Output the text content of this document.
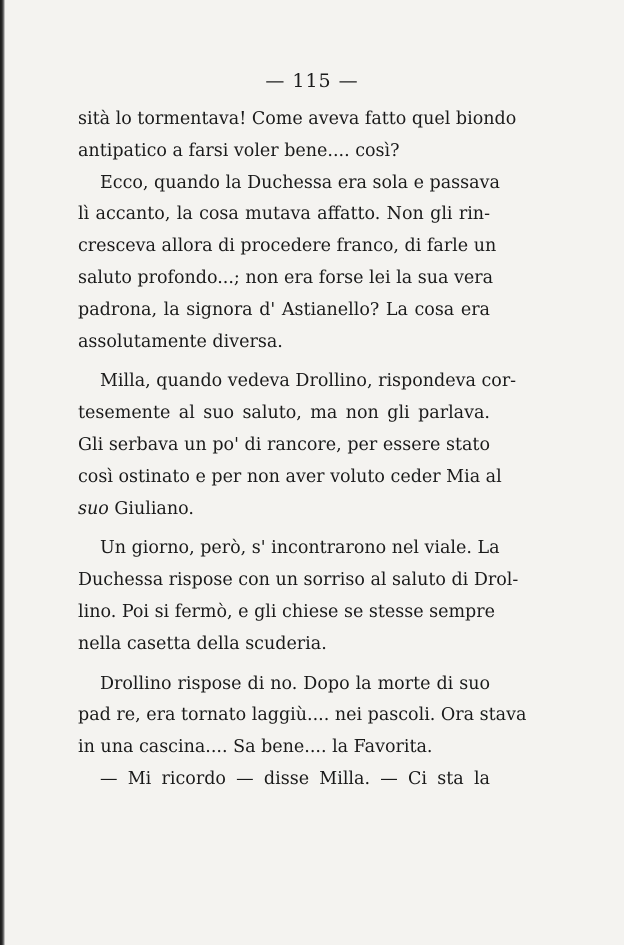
— 115 —

sità lo tormentava! Come aveva fatto quel biondo

antipatico a farsi voler bene.... così?

Ecco, quando la Duchessa era sola e passava

lì accanto, la cosa mutava affatto. Non gli rin-

cresceva allora di procedere franco, di farle un

saluto profondo...; non era forse lei la sua vera

padrona, la signora d' Astianello? La cosa era

assolutamente diversa.

Milla, quando vedeva Drollino, rispondeva cor-

tesemente al suo saluto, ma non gli parlava.

Gli serbava un po' di rancore, per essere stato

così ostinato e per non aver voluto ceder Mia al

suo Giuliano.

Un giorno, però, s' incontrarono nel viale. La

Duchessa rispose con un sorriso al saluto di Drol-

lino. Poi si fermò, e gli chiese se stesse sempre

nella casetta della scuderia.

Drollino rispose di no. Dopo la morte di suo

pad re, era tornato laggiù.... nei pascoli. Ora stava

in una cascina.... Sa bene.... la Favorita.

— Mi ricordo — disse Milla. — Ci sta la
